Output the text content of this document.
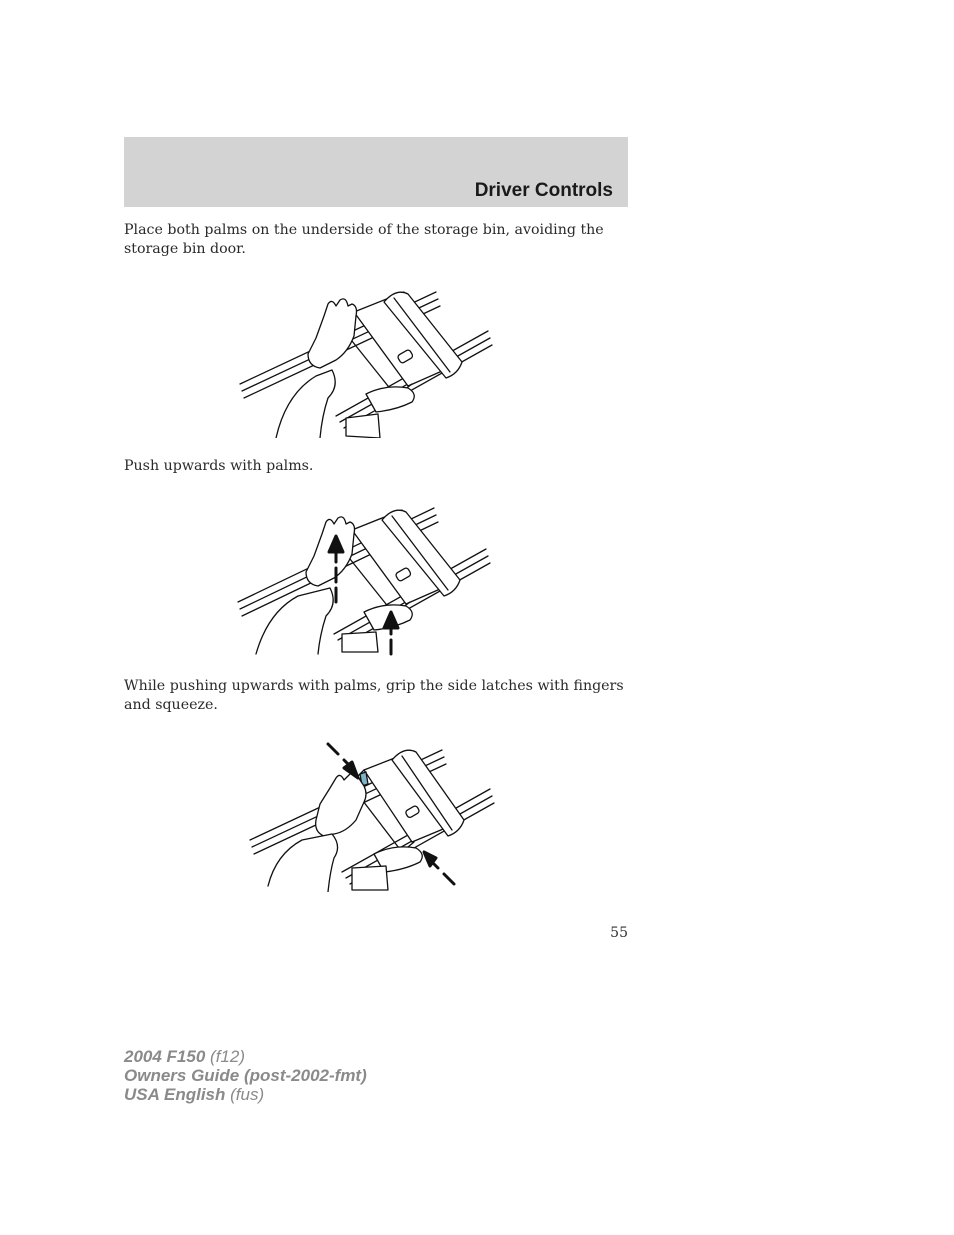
Driver Controls

Place both palms on the underside of the storage bin, avoiding the storage bin door.

Push upwards with palms.

While pushing upwards with palms, grip the side latches with fingers and squeeze.

55
2004 F150 (f12)
Owners Guide (post-2002-fmt)
USA English (fus)
